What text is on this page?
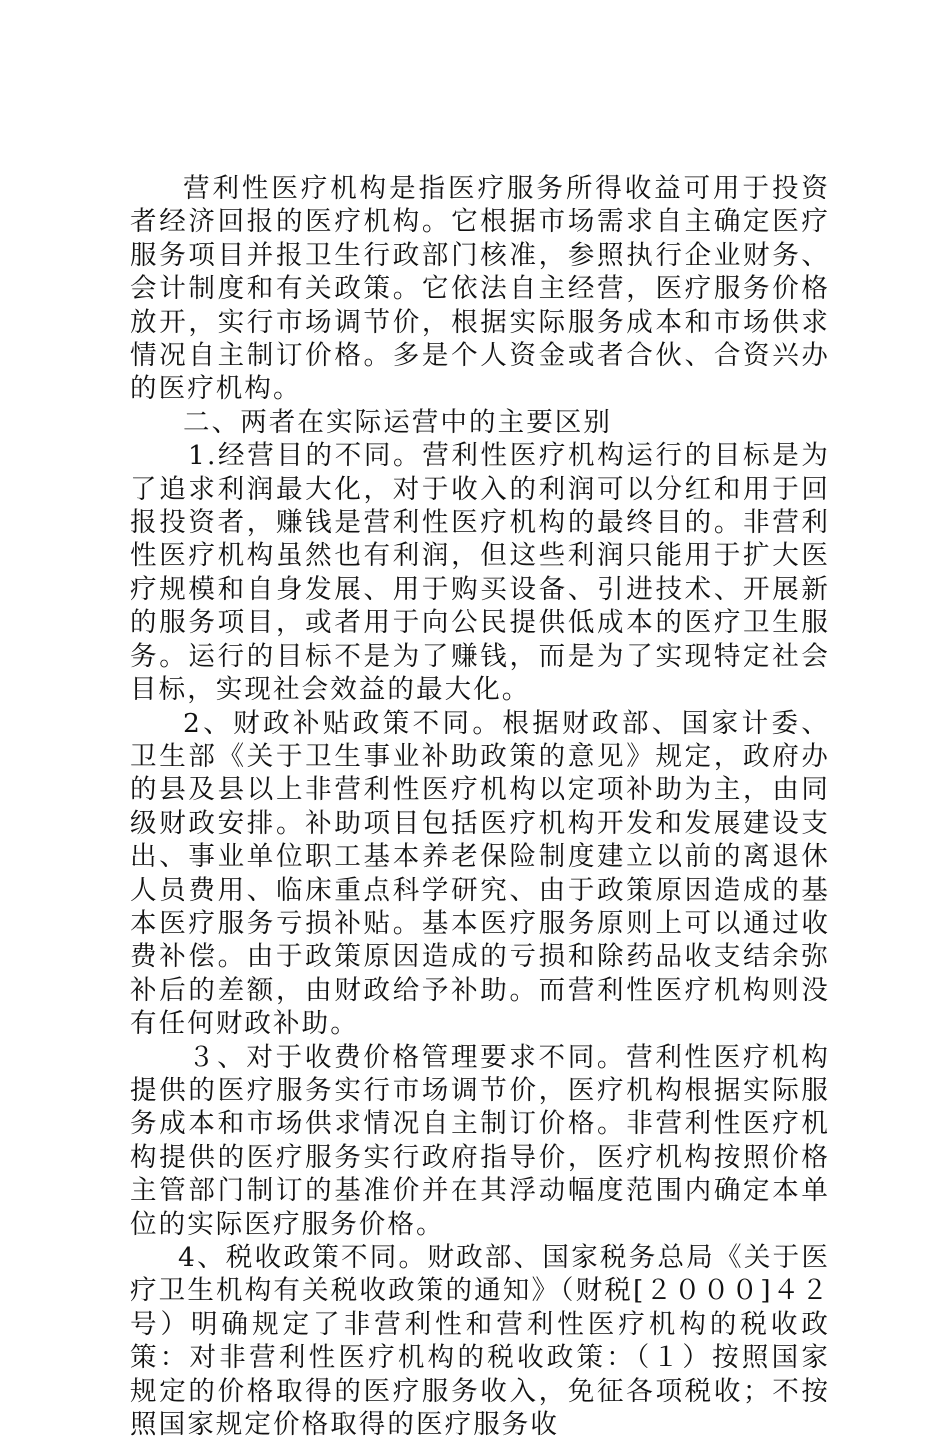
营利性医疗机构是指医疗服务所得收益可用于投资者经济回报的医疗机构。它根据市场需求自主确定医疗服务项目并报卫生行政部门核准，参照执行企业财务、会计制度和有关政策。它依法自主经营，医疗服务价格放开，实行市场调节价，根据实际服务成本和市场供求情况自主制订价格。多是个人资金或者合伙、合资兴办的医疗机构。

二、两者在实际运营中的主要区别

1.经营目的不同。营利性医疗机构运行的目标是为了追求利润最大化，对于收入的利润可以分红和用于回报投资者，赚钱是营利性医疗机构的最终目的。非营利性医疗机构虽然也有利润，但这些利润只能用于扩大医疗规模和自身发展、用于购买设备、引进技术、开展新的服务项目，或者用于向公民提供低成本的医疗卫生服务。运行的目标不是为了赚钱，而是为了实现特定社会目标，实现社会效益的最大化。

2、财政补贴政策不同。根据财政部、国家计委、卫生部《关于卫生事业补助政策的意见》规定，政府办的县及县以上非营利性医疗机构以定项补助为主，由同级财政安排。补助项目包括医疗机构开发和发展建设支出、事业单位职工基本养老保险制度建立以前的离退休人员费用、临床重点科学研究、由于政策原因造成的基本医疗服务亏损补贴。基本医疗服务原则上可以通过收费补偿。由于政策原因造成的亏损和除药品收支结余弥补后的差额，由财政给予补助。而营利性医疗机构则没有任何财政补助。

３、对于收费价格管理要求不同。营利性医疗机构提供的医疗服务实行市场调节价，医疗机构根据实际服务成本和市场供求情况自主制订价格。非营利性医疗机构提供的医疗服务实行政府指导价，医疗机构按照价格主管部门制订的基准价并在其浮动幅度范围内确定本单位的实际医疗服务价格。

4、税收政策不同。财政部、国家税务总局《关于医疗卫生机构有关税收政策的通知》（财税[２０００]４２号）明确规定了非营利性和营利性医疗机构的税收政策：对非营利性医疗机构的税收政策：（１）按照国家规定的价格取得的医疗服务收入，免征各项税收；不按照国家规定价格取得的医疗服务收
